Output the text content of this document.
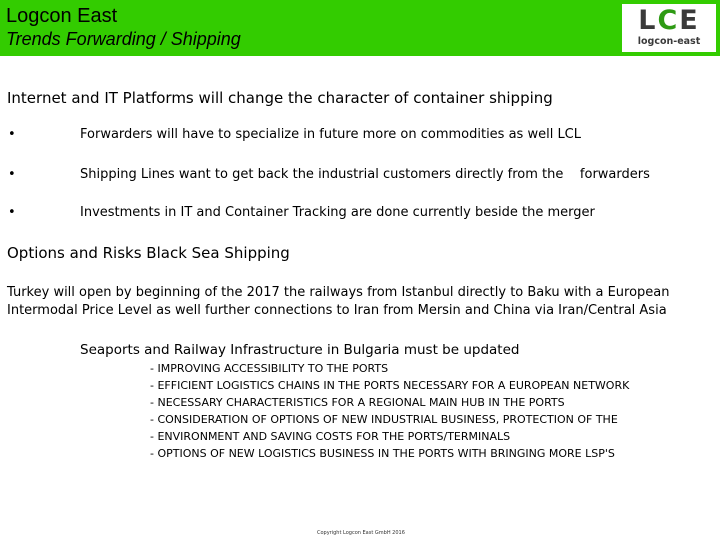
Logcon East
Trends Forwarding / Shipping
L C E
logcon-east
Internet and IT Platforms will change the character of container shipping
•	Forwarders will have to specialize in future more on commodities as well LCL
•	Shipping Lines want to get back the industrial customers directly from the    forwarders
•	Investments in IT and Container Tracking are done currently beside the merger
Options and Risks Black Sea Shipping
Turkey will open by beginning of the 2017 the railways from Istanbul directly to Baku with a European
Intermodal Price Level as well further connections to Iran from Mersin and China via Iran/Central Asia
Seaports and Railway Infrastructure in Bulgaria must be updated
- IMPROVING ACCESSIBILITY TO THE PORTS
- EFFICIENT LOGISTICS CHAINS IN THE PORTS NECESSARY FOR A EUROPEAN NETWORK
- NECESSARY CHARACTERISTICS FOR A REGIONAL MAIN HUB IN THE PORTS
- CONSIDERATION OF OPTIONS OF NEW INDUSTRIAL BUSINESS, PROTECTION OF THE
- ENVIRONMENT AND SAVING COSTS FOR THE PORTS/TERMINALS
- OPTIONS OF NEW LOGISTICS BUSINESS IN THE PORTS WITH BRINGING MORE LSP'S
Copyright Logcon East GmbH 2016
